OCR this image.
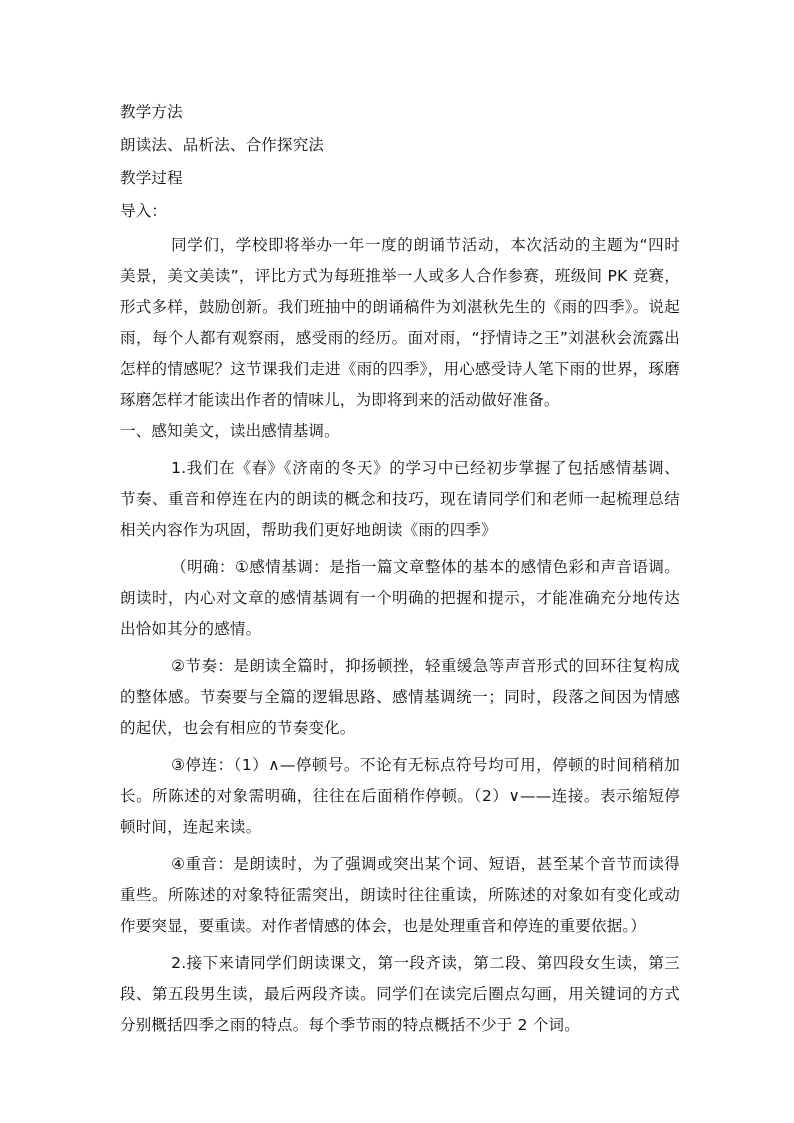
教学方法
朗读法、品析法、合作探究法
教学过程
导入：

同学们，学校即将举办一年一度的朗诵节活动，本次活动的主题为“四时美景，美文美读”，评比方式为每班推举一人或多人合作参赛，班级间 PK 竞赛，形式多样，鼓励创新。我们班抽中的朗诵稿件为刘湛秋先生的《雨的四季》。说起雨，每个人都有观察雨，感受雨的经历。面对雨，“抒情诗之王”刘湛秋会流露出怎样的情感呢？这节课我们走进《雨的四季》，用心感受诗人笔下雨的世界，琢磨琢磨怎样才能读出作者的情味儿，为即将到来的活动做好准备。

一、感知美文，读出感情基调。

1.我们在《春》《济南的冬天》的学习中已经初步掌握了包括感情基调、节奏、重音和停连在内的朗读的概念和技巧，现在请同学们和老师一起梳理总结相关内容作为巩固，帮助我们更好地朗读《雨的四季》

（明确：①感情基调：是指一篇文章整体的基本的感情色彩和声音语调。朗读时，内心对文章的感情基调有一个明确的把握和提示，才能准确充分地传达出恰如其分的感情。

②节奏：是朗读全篇时，抑扬顿挫，轻重缓急等声音形式的回环往复构成的整体感。节奏要与全篇的逻辑思路、感情基调统一；同时，段落之间因为情感的起伏，也会有相应的节奏变化。

③停连：（1）∧—停顿号。不论有无标点符号均可用，停顿的时间稍稍加长。所陈述的对象需明确，往往在后面稍作停顿。（2）∨——连接。表示缩短停顿时间，连起来读。

④重音：是朗读时，为了强调或突出某个词、短语，甚至某个音节而读得重些。所陈述的对象特征需突出，朗读时往往重读，所陈述的对象如有变化或动作要突显，要重读。对作者情感的体会，也是处理重音和停连的重要依据。）

2.接下来请同学们朗读课文，第一段齐读，第二段、第四段女生读，第三段、第五段男生读，最后两段齐读。同学们在读完后圈点勾画，用关键词的方式分别概括四季之雨的特点。每个季节雨的特点概括不少于 2 个词。
